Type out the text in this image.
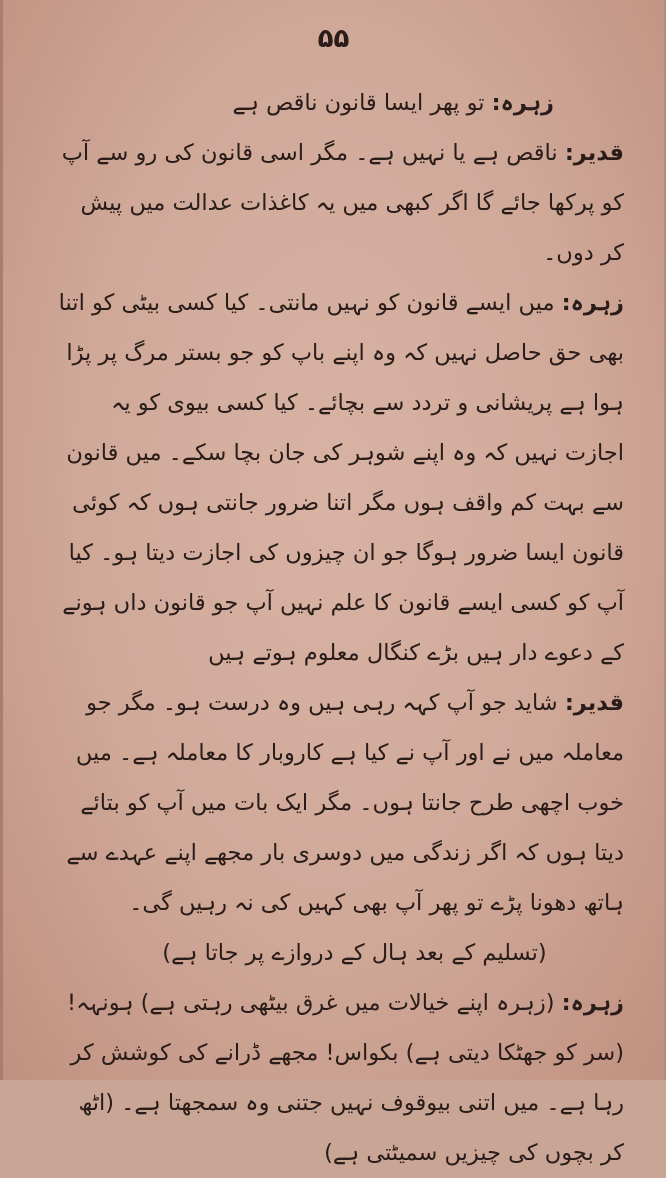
۵۵

زہرہ: تو پھر ایسا قانون ناقص ہے

قدیر: ناقص ہے یا نہیں ہے۔ مگر اسی قانون کی رو سے آپ کو پرکھا جائے گا اگر کبھی میں یہ کاغذات عدالت میں پیش کر دوں۔

زہرہ: میں ایسے قانون کو نہیں مانتی۔ کیا کسی بیٹی کو اتنا بھی حق حاصل نہیں کہ وہ اپنے باپ کو جو بستر مرگ پر پڑا ہوا ہے پریشانی و تردد سے بچائے۔ کیا کسی بیوی کو یہ اجازت نہیں کہ وہ اپنے شوہر کی جان بچا سکے۔ میں قانون سے بہت کم واقف ہوں مگر اتنا ضرور جانتی ہوں کہ کوئی قانون ایسا ضرور ہوگا جو ان چیزوں کی اجازت دیتا ہو۔ کیا آپ کو کسی ایسے قانون کا علم نہیں آپ جو قانون داں ہونے کے دعوے دار ہیں بڑے کنگال معلوم ہوتے ہیں

قدیر: شاید جو آپ کہہ رہی ہیں وہ درست ہو۔ مگر جو معاملہ میں نے اور آپ نے کیا ہے کاروبار کا معاملہ ہے۔ میں خوب اچھی طرح جانتا ہوں۔ مگر ایک بات میں آپ کو بتائے دیتا ہوں کہ اگر زندگی میں دوسری بار مجھے اپنے عہدے سے ہاتھ دھونا پڑے تو پھر آپ بھی کہیں کی نہ رہیں گی۔

(تسلیم کے بعد ہال کے دروازے پر جاتا ہے)

زہرہ: (زہرہ اپنے خیالات میں غرق بیٹھی رہتی ہے) ہونہہ! (سر کو جھٹکا دیتی ہے) بکواس! مجھے ڈرانے کی کوشش کر رہا ہے۔ میں اتنی بیوقوف نہیں جتنی وہ سمجھتا ہے۔ (اٹھ کر بچوں کی چیزیں سمیٹتی ہے)
